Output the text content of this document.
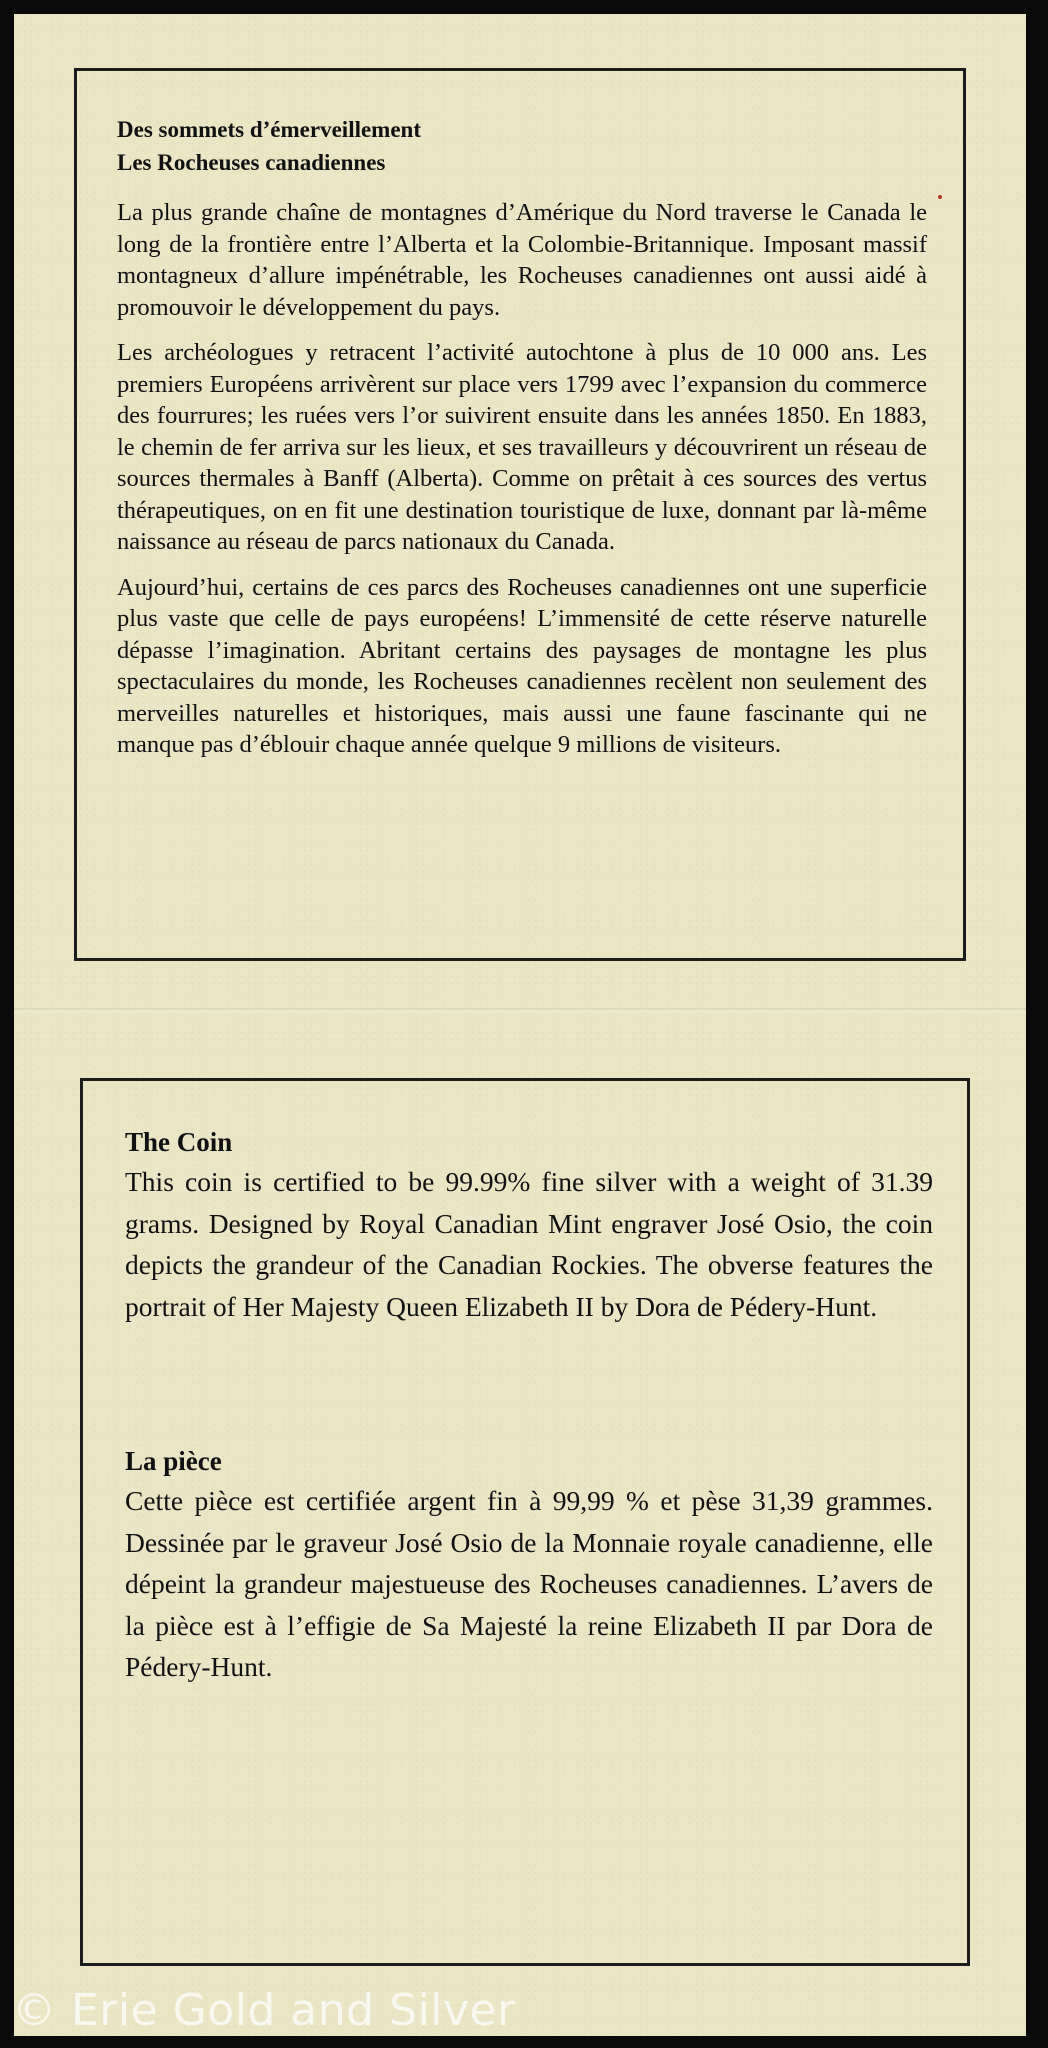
Des sommets d’émerveillement

Les Rocheuses canadiennes

La plus grande chaîne de montagnes d’Amérique du Nord traverse le Canada le long de la frontière entre l’Alberta et la Colombie-Britannique. Imposant massif montagneux d’allure impénétrable, les Rocheuses canadiennes ont aussi aidé à promouvoir le développement du pays.

Les archéologues y retracent l’activité autochtone à plus de 10 000 ans. Les premiers Européens arrivèrent sur place vers 1799 avec l’expansion du commerce des fourrures; les ruées vers l’or suivirent ensuite dans les années 1850. En 1883, le chemin de fer arriva sur les lieux, et ses travailleurs y découvrirent un réseau de sources thermales à Banff (Alberta). Comme on prêtait à ces sources des vertus thérapeutiques, on en fit une destination touristique de luxe, donnant par là-même naissance au réseau de parcs nationaux du Canada.

Aujourd’hui, certains de ces parcs des Rocheuses canadiennes ont une superficie plus vaste que celle de pays européens! L’immensité de cette réserve naturelle dépasse l’imagination. Abritant certains des paysages de montagne les plus spectaculaires du monde, les Rocheuses canadiennes recèlent non seulement des merveilles naturelles et historiques, mais aussi une faune fascinante qui ne manque pas d’éblouir chaque année quelque 9 millions de visiteurs.

The Coin

This coin is certified to be 99.99% fine silver with a weight of 31.39 grams. Designed by Royal Canadian Mint engraver José Osio, the coin depicts the grandeur of the Canadian Rockies. The obverse features the portrait of Her Majesty Queen Elizabeth II by Dora de Pédery-Hunt.

La pièce

Cette pièce est certifiée argent fin à 99,99 % et pèse 31,39 grammes. Dessinée par le graveur José Osio de la Monnaie royale canadienne, elle dépeint la grandeur majestueuse des Rocheuses canadiennes. L’avers de la pièce est à l’effigie de Sa Majesté la reine Elizabeth II par Dora de Pédery-Hunt.

© Erie Gold and Silver
